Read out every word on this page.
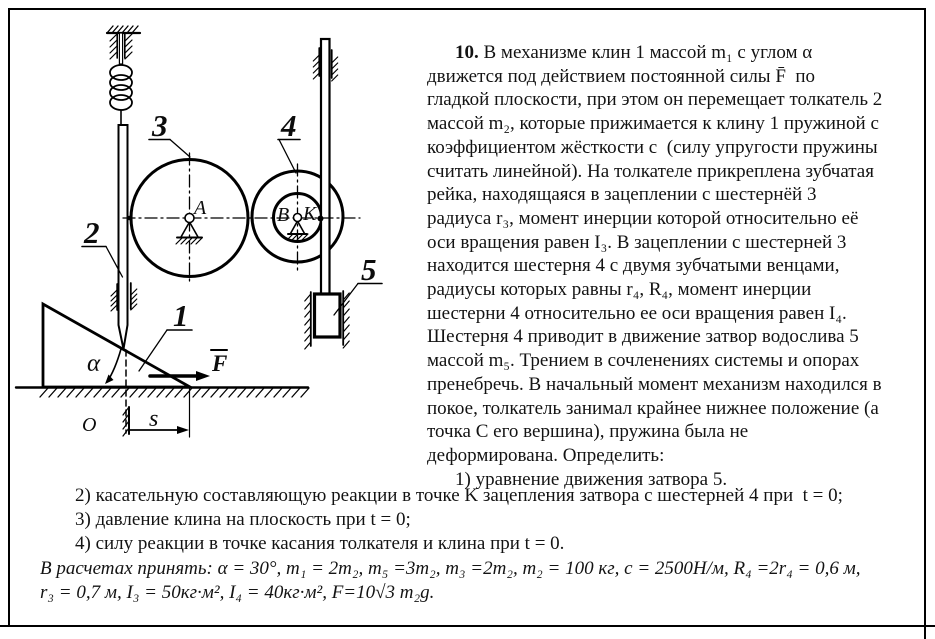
F
α
O s
A	B K
1
2
3	4
5
10. В механизме клин 1 массой m₁ с углом α
движется под действием постоянной силы F̄  по
гладкой плоскости, при этом он перемещает толкатель 2
массой m₂, которые прижимается к клину 1 пружиной с
коэффициентом жёсткости c  (силу упругости пружины
считать линейной). На толкателе прикреплена зубчатая
рейка, находящаяся в зацеплении с шестернёй 3
радиуса r₃, момент инерции которой относительно её
оси вращения равен I₃. В зацеплении с шестерней 3
находится шестерня 4 с двумя зубчатыми венцами,
радиусы которых равны r₄, R₄, момент инерции
шестерни 4 относительно ее оси вращения равен I₄.
Шестерня 4 приводит в движение затвор водослива 5
массой m₅. Трением в сочленениях системы и опорах
пренебречь. В начальный момент механизм находился в
покое, толкатель занимал крайнее нижнее положение (а
точка C его вершина), пружина была не
деформирована. Определить:
1) уравнение движения затвора 5.
2) касательную составляющую реакции в точке K зацепления затвора с шестерней 4 при  t = 0;
3) давление клина на плоскость при t = 0;
4) силу реакции в точке касания толкателя и клина при t = 0.
В расчетах принять: α = 30°, m₁ = 2m₂, m₅ =3m₂, m₃ =2m₂, m₂ = 100 кг, c = 2500Н/м, R₄ =2r₄ = 0,6 м,
r₃ = 0,7 м, I₃ = 50кг·м², I₄ = 40кг·м², F=10√3 m₂g.
